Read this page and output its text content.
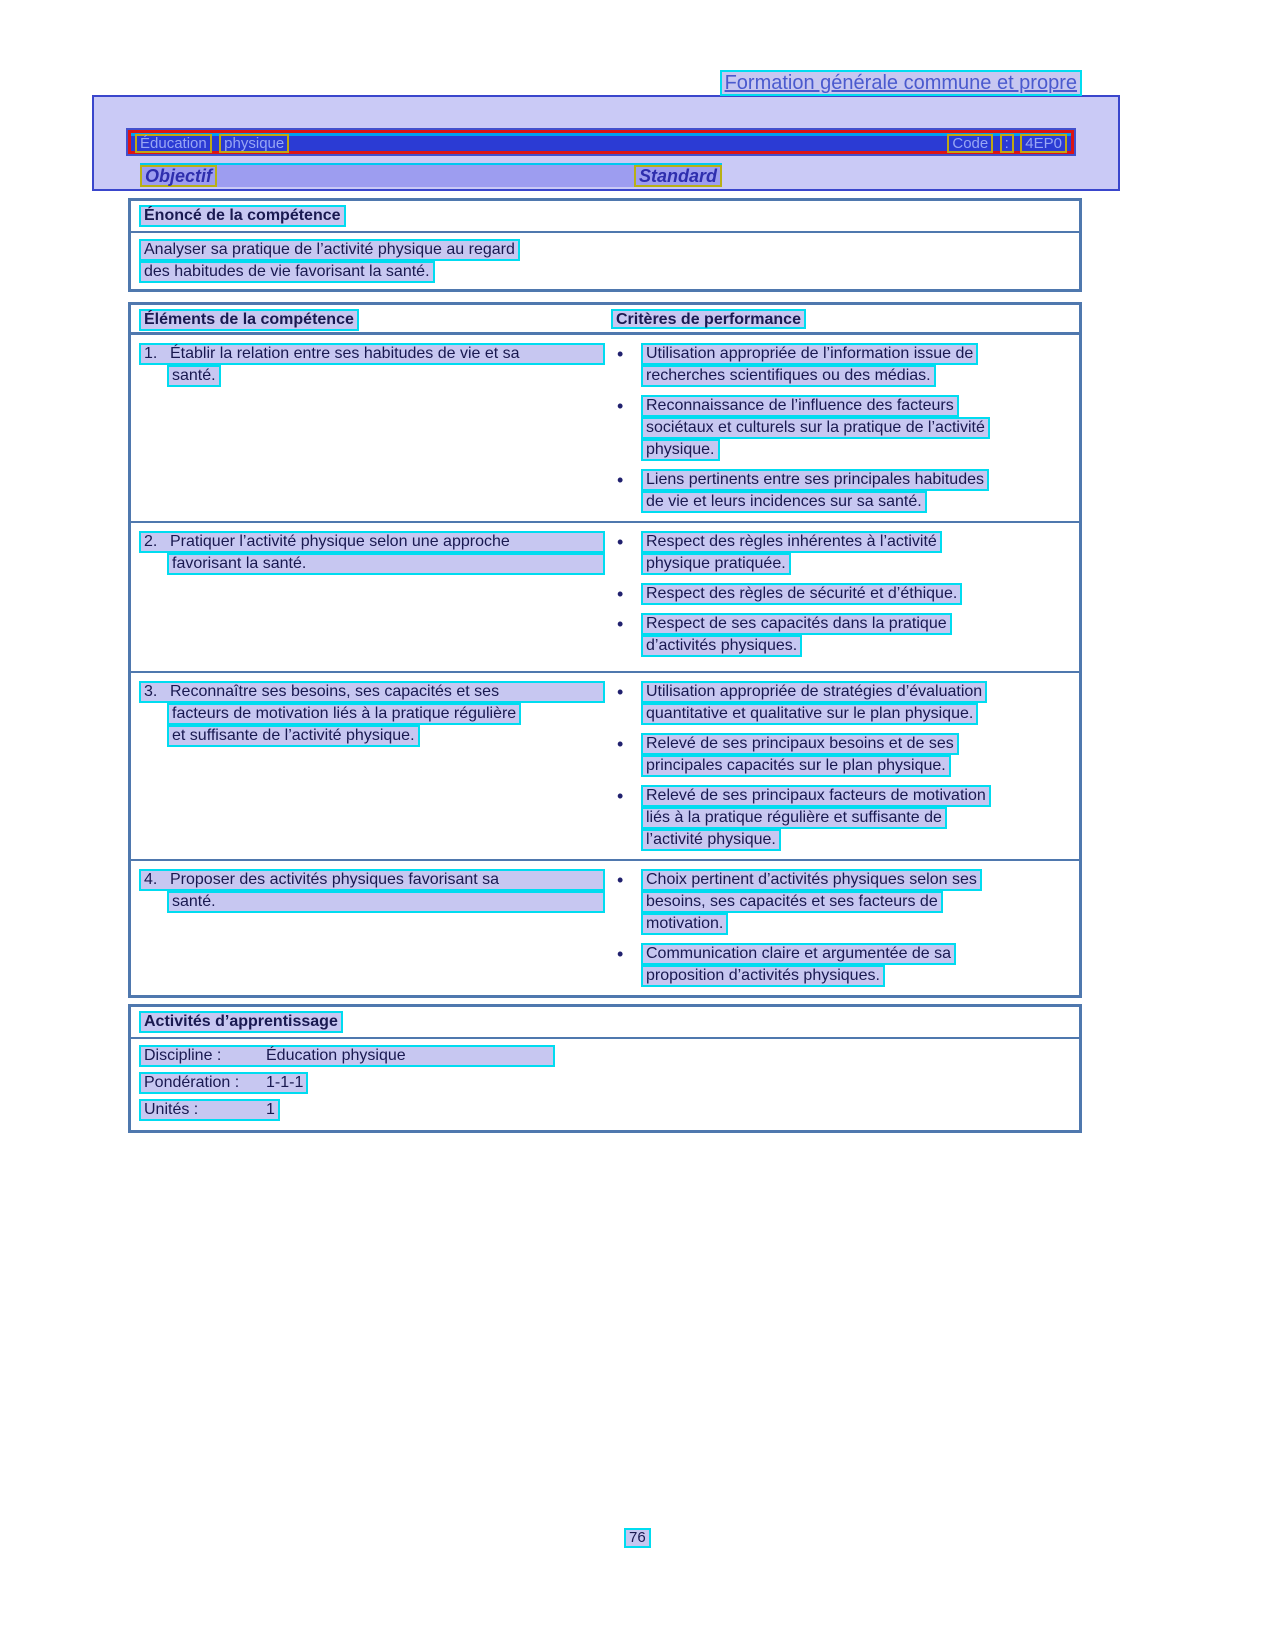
Formation générale commune et propre
Éducation physique	Code : 4EP0
Objectif	Standard
Énoncé de la compétence
Analyser sa pratique de l’activité physique au regard
des habitudes de vie favorisant la santé.
Éléments de la compétence	Critères de performance
1. Établir la relation entre ses habitudes de vie et sa
santé.
•	Utilisation appropriée de l’information issue de
recherches scientifiques ou des médias.
•	Reconnaissance de l’influence des facteurs
sociétaux et culturels sur la pratique de l’activité
physique.
•	Liens pertinents entre ses principales habitudes
de vie et leurs incidences sur sa santé.
2. Pratiquer l’activité physique selon une approche
favorisant la santé.
•	Respect des règles inhérentes à l’activité
physique pratiquée.
•	Respect des règles de sécurité et d’éthique.
•	Respect de ses capacités dans la pratique
d’activités physiques.
3. Reconnaître ses besoins, ses capacités et ses
facteurs de motivation liés à la pratique régulière
et suffisante de l’activité physique.
•	Utilisation appropriée de stratégies d’évaluation
quantitative et qualitative sur le plan physique.
•	Relevé de ses principaux besoins et de ses
principales capacités sur le plan physique.
•	Relevé de ses principaux facteurs de motivation
liés à la pratique régulière et suffisante de
l’activité physique.
4. Proposer des activités physiques favorisant sa
santé.
•	Choix pertinent d’activités physiques selon ses
besoins, ses capacités et ses facteurs de
motivation.
•	Communication claire et argumentée de sa
proposition d’activités physiques.
Activités d’apprentissage
Discipline :	Éducation physique
Pondération : 1-1-1
Unités :	1
76
